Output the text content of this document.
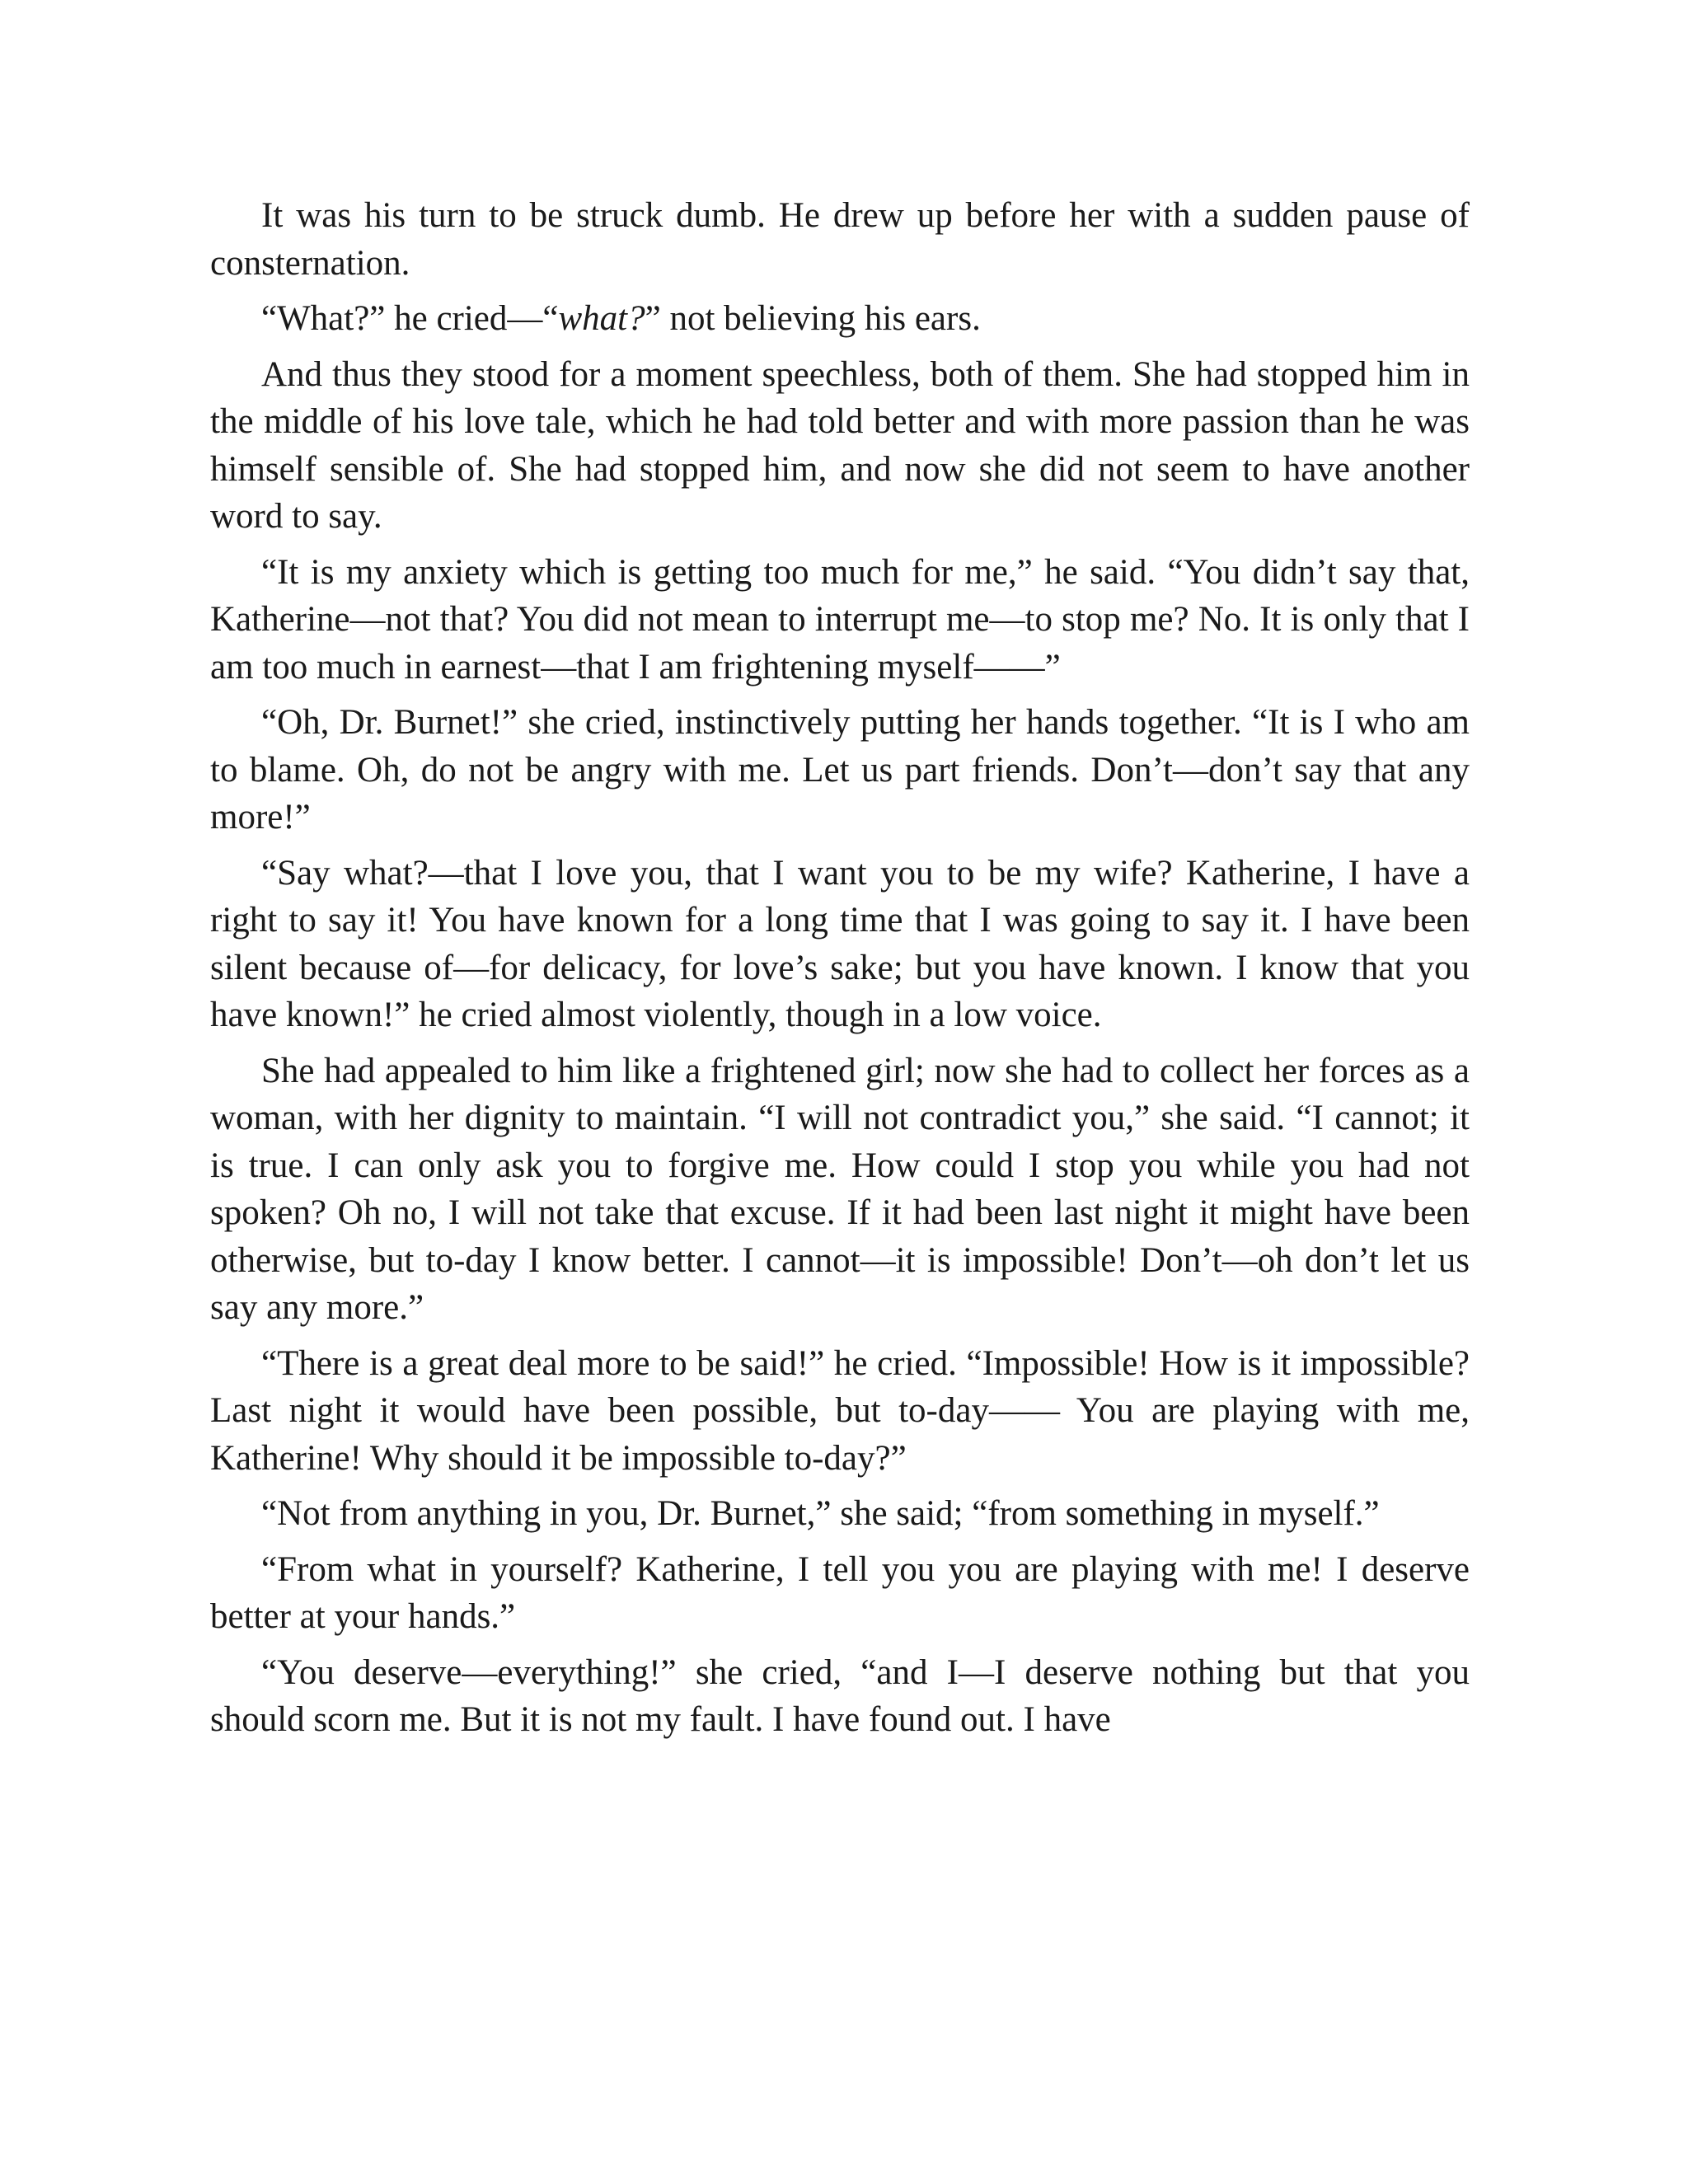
It was his turn to be struck dumb. He drew up before her with a sudden pause of consternation.

“What?” he cried—“what?” not believing his ears.

And thus they stood for a moment speechless, both of them. She had stopped him in the middle of his love tale, which he had told better and with more passion than he was himself sensible of. She had stopped him, and now she did not seem to have another word to say.

“It is my anxiety which is getting too much for me,” he said. “You didn’t say that, Katherine—not that? You did not mean to interrupt me—to stop me? No. It is only that I am too much in earnest—that I am frightening myself——”

“Oh, Dr. Burnet!” she cried, instinctively putting her hands together. “It is I who am to blame. Oh, do not be angry with me. Let us part friends. Don’t—don’t say that any more!”

“Say what?—that I love you, that I want you to be my wife? Katherine, I have a right to say it! You have known for a long time that I was going to say it. I have been silent because of—for delicacy, for love’s sake; but you have known. I know that you have known!” he cried almost violently, though in a low voice.

She had appealed to him like a frightened girl; now she had to collect her forces as a woman, with her dignity to maintain. “I will not contradict you,” she said. “I cannot; it is true. I can only ask you to forgive me. How could I stop you while you had not spoken? Oh no, I will not take that excuse. If it had been last night it might have been otherwise, but to-day I know better. I cannot—it is impossible! Don’t—oh don’t let us say any more.”

“There is a great deal more to be said!” he cried. “Impossible! How is it impossible? Last night it would have been possible, but to-day—— You are playing with me, Katherine! Why should it be impossible to-day?”

“Not from anything in you, Dr. Burnet,” she said; “from something in myself.”

“From what in yourself? Katherine, I tell you you are playing with me! I deserve better at your hands.”

“You deserve—everything!” she cried, “and I—I deserve nothing but that you should scorn me. But it is not my fault. I have found out. I have
